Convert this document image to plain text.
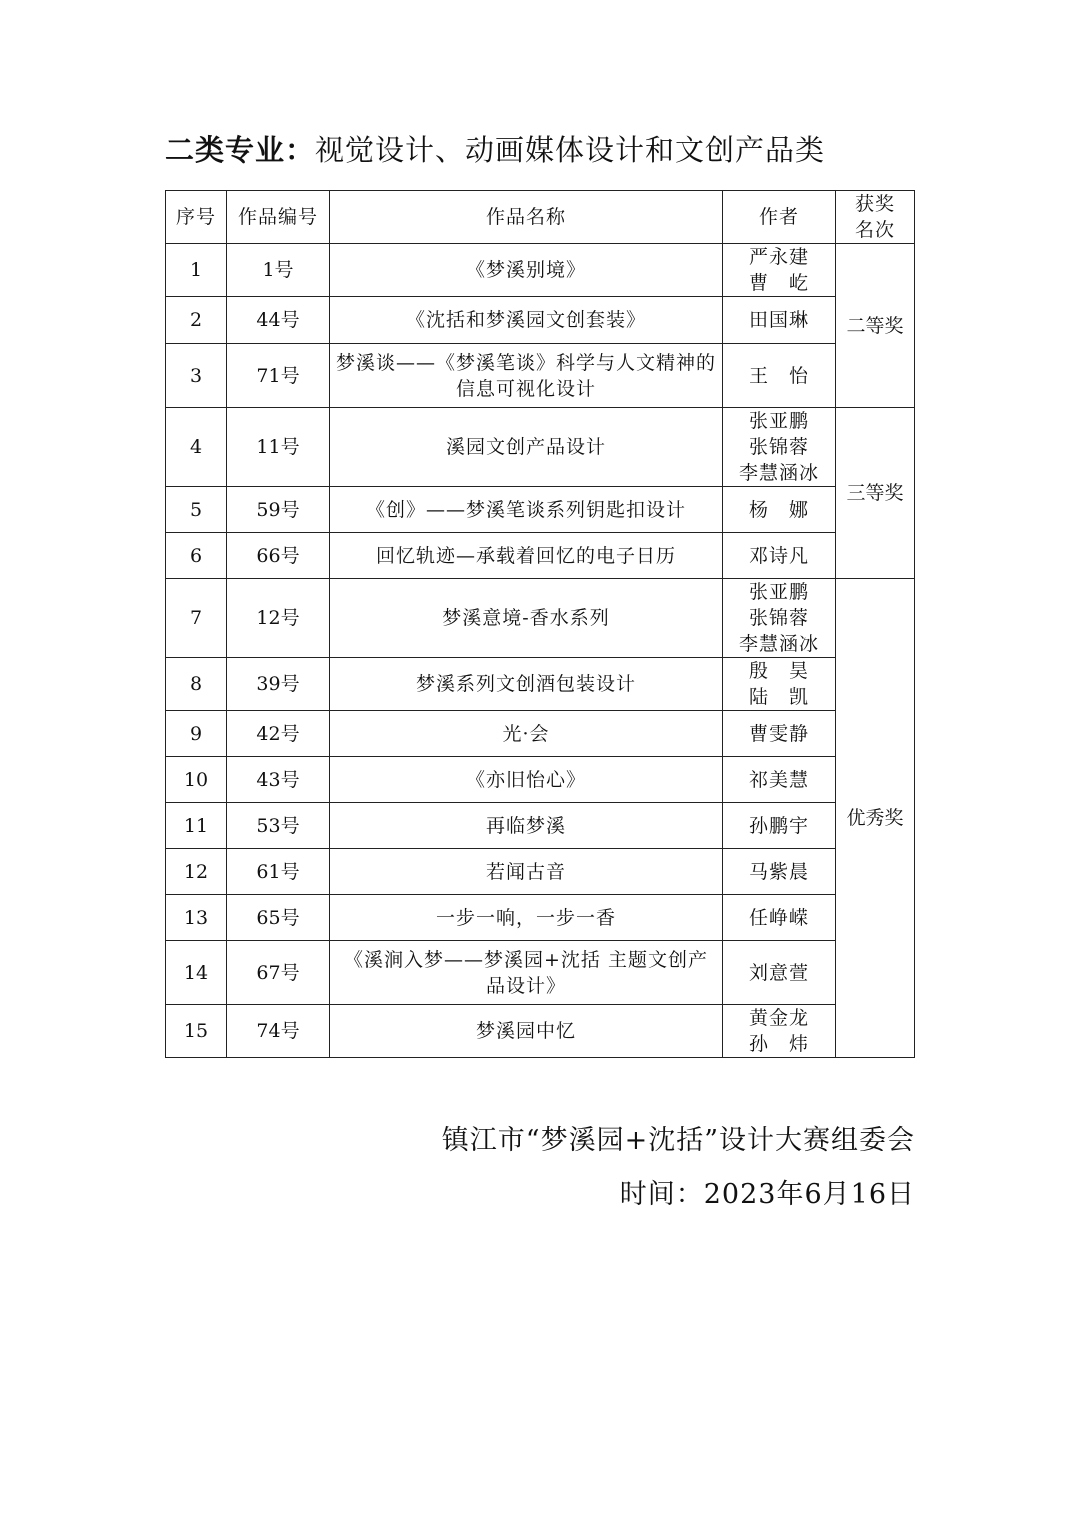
二类专业：视觉设计、动画媒体设计和文创产品类
序号	作品编号	作品名称	作者	获奖
名次

1	1号	《梦溪别境》	严永建
曹　屹	二等奖
2	44号	《沈括和梦溪园文创套装》	田国琳	

3	71号	梦溪谈——《梦溪笔谈》科学与人文精神的
信息可视化设计	王　怡	

4	11号	溪园文创产品设计	张亚鹏
张锦蓉
李慧涵冰	三等奖
5	59号	《创》——梦溪笔谈系列钥匙扣设计	杨　娜	

6	66号	回忆轨迹—承载着回忆的电子日历	邓诗凡	

7	12号	梦溪意境-香水系列	张亚鹏
张锦蓉
李慧涵冰	优秀奖
8	39号	梦溪系列文创酒包装设计	殷　昊
陆　凯	

9	42号	光·会	曹雯静	

10	43号	《亦旧怡心》	祁美慧	

11	53号	再临梦溪	孙鹏宇	

12	61号	若闻古音	马紫晨	

13	65号	一步一响，一步一香	任峥嵘	

14	67号	《溪涧入梦——梦溪园+沈括 主题文创产
品设计》	刘意萱	

15	74号	梦溪园中忆	黄金龙
孙　炜	
镇江市“梦溪园+沈括”设计大赛组委会
时间：2023年6月16日
